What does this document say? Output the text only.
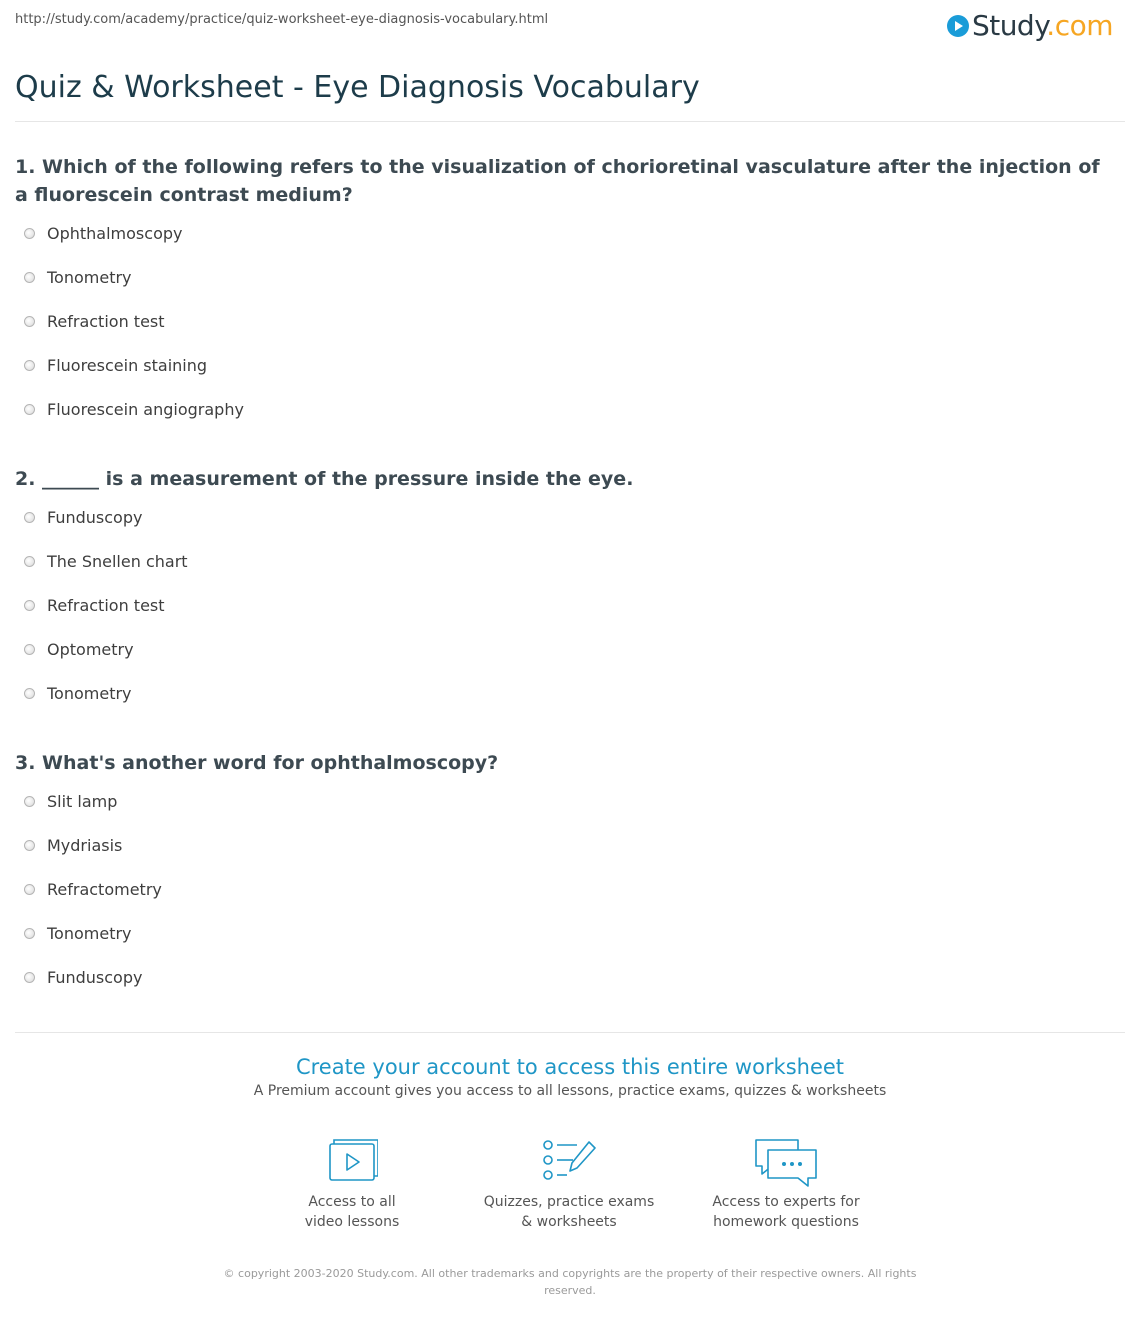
http://study.com/academy/practice/quiz-worksheet-eye-diagnosis-vocabulary.html	Study.com
Quiz & Worksheet - Eye Diagnosis Vocabulary
1. Which of the following refers to the visualization of chorioretinal vasculature after the injection of a fluorescein contrast medium?
Ophthalmoscopy
Tonometry
Refraction test
Fluorescein staining
Fluorescein angiography
2. ______ is a measurement of the pressure inside the eye.
Funduscopy
The Snellen chart
Refraction test
Optometry
Tonometry
3. What's another word for ophthalmoscopy?
Slit lamp
Mydriasis
Refractometry
Tonometry
Funduscopy
Create your account to access this entire worksheet
A Premium account gives you access to all lessons, practice exams, quizzes & worksheets
Access to all
video lessons
Quizzes, practice exams
& worksheets
Access to experts for
homework questions
© copyright 2003-2020 Study.com. All other trademarks and copyrights are the property of their respective owners. All rights reserved.
